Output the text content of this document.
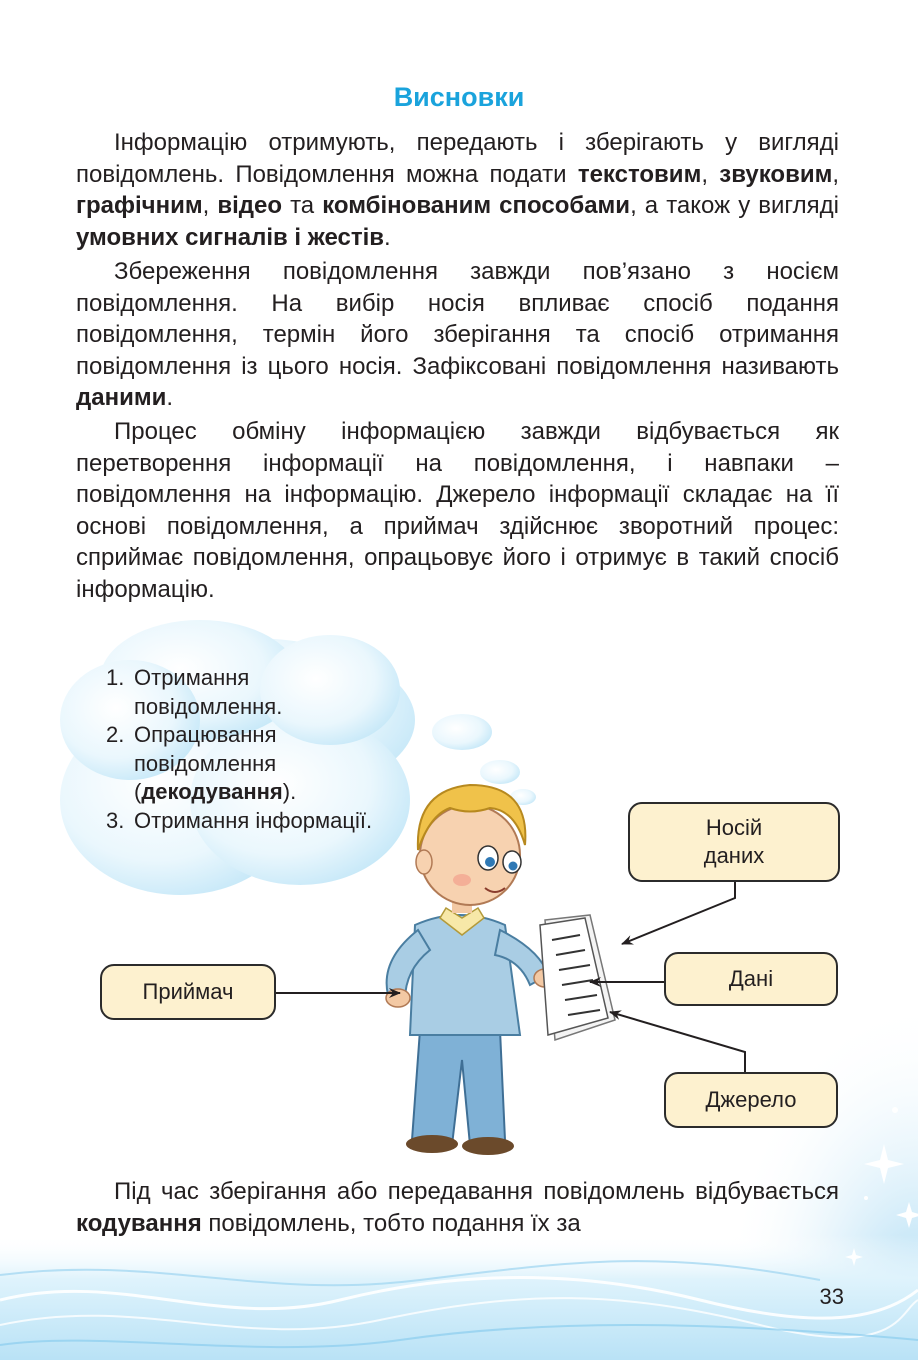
Висновки

Інформацію отримують, передають і зберігають у вигляді повідомлень. Повідомлення можна подати текстовим, звуковим, графічним, відео та комбінованим способами, а також у вигляді умовних сигналів і жестів.

Збереження повідомлення завжди пов’язано з носієм повідомлення. На вибір носія впливає спосіб подання повідомлення, термін його зберігання та спосіб отримання повідомлення із цього носія. Зафіксовані повідомлення називають даними.

Процес обміну інформацією завжди відбувається як перетворення інформації на повідомлення, і навпаки – повідомлення на інформацію. Джерело інформації складає на її основі повідомлення, а приймач здійснює зворотний процес: сприймає повідомлення, опрацьовує його і отримує в такий спосіб інформацію.

1. Отримання повідомлення.
2. Опрацювання повідомлення (декодування).
3. Отримання інформації.	Носій даних
Дані
Приймач
Джерело

Під час зберігання або передавання повідомлень відбувається кодування повідомлень, тобто подання їх за

33
